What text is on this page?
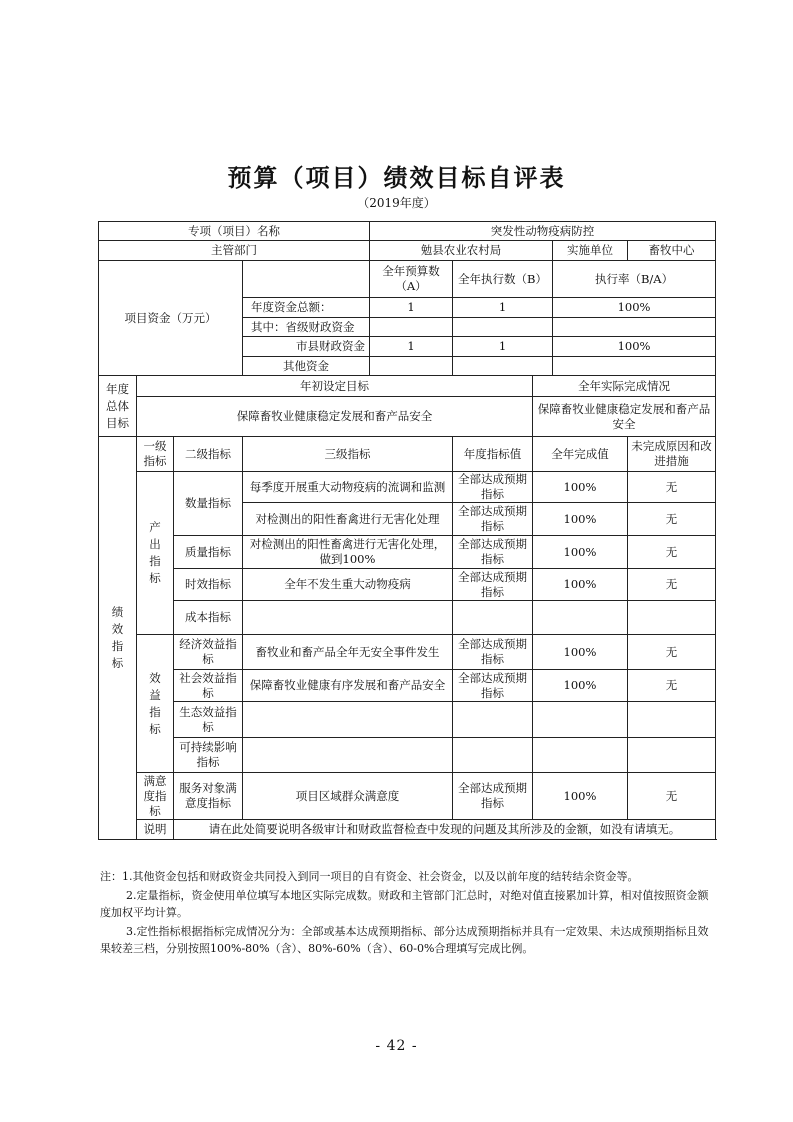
预算（项目）绩效目标自评表
（2019年度）
专项（项目）名称				突发性动物疫病防控				
主管部门				勉县农业农村局			实施单位	畜牧中心
项目资金（万元）				全年预算数（A）	全年执行数（B）		执行率（B/A）	
			年度资金总额：	1	1		100%	
			其中：省级财政资金					
			市县财政资金	1	1		100%	
			其他资金					
年度总体目标	年初设定目标					全年实际完成情况		
	保障畜牧业健康稳定发展和畜产品安全					保障畜牧业健康稳定发展和畜产品安全		
绩效指标	一级指标	二级指标	三级指标		年度指标值	全年完成值		未完成原因和改进措施
	产出指标	数量指标	每季度开展重大动物疫病的流调和监测		全部达成预期指标	100%		无
			对检测出的阳性畜禽进行无害化处理		全部达成预期指标	100%		无
		质量指标	对检测出的阳性畜禽进行无害化处理，做到100%		全部达成预期指标	100%		无
		时效指标	全年不发生重大动物疫病		全部达成预期指标	100%		无
		成本指标						
	效益指标	经济效益指标	畜牧业和畜产品全年无安全事件发生		全部达成预期指标	100%		无
		社会效益指标	保障畜牧业健康有序发展和畜产品安全		全部达成预期指标	100%		无
		生态效益指标						
		可持续影响指标						
	满意度指标	服务对象满意度指标	项目区域群众满意度		全部达成预期指标	100%		无
	说明	请在此处简要说明各级审计和财政监督检查中发现的问题及其所涉及的金额，如没有请填无。						

注：1.其他资金包括和财政资金共同投入到同一项目的自有资金、社会资金，以及以前年度的结转结余资金等。

2.定量指标，资金使用单位填写本地区实际完成数。财政和主管部门汇总时，对绝对值直接累加计算，相对值按照资金额度加权平均计算。

3.定性指标根据指标完成情况分为：全部或基本达成预期指标、部分达成预期指标并具有一定效果、未达成预期指标且效果较差三档，分别按照100%-80%（含）、80%-60%（含）、60-0%合理填写完成比例。

- 42 -
